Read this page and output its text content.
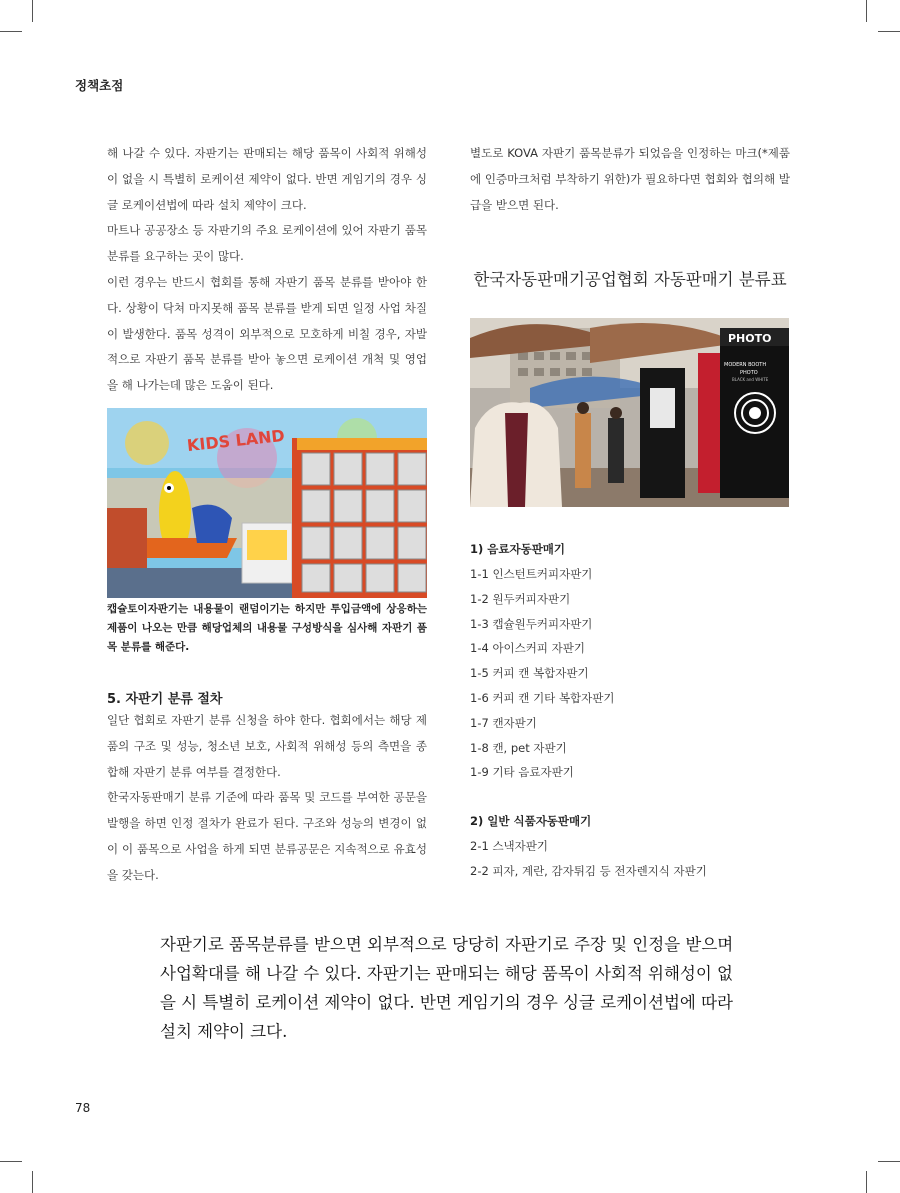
정책초점

해 나갈 수 있다. 자판기는 판매되는 해당 품목이 사회적 위해성이 없을 시 특별히 로케이션 제약이 없다. 반면 게임기의 경우 싱글 로케이션법에 따라 설치 제약이 크다.

마트나 공공장소 등 자판기의 주요 로케이션에 있어 자판기 품목 분류를 요구하는 곳이 많다.

이런 경우는 반드시 협회를 통해 자판기 품목 분류를 받아야 한다. 상황이 닥쳐 마지못해 품목 분류를 받게 되면 일정 사업 차질이 발생한다. 품목 성격이 외부적으로 모호하게 비칠 경우, 자발적으로 자판기 품목 분류를 받아 놓으면 로케이션 개척 및 영업을 해 나가는데 많은 도움이 된다.

KIDS LAND
캡슐토이자판기는 내용물이 랜덤이기는 하지만 투입금액에 상응하는 제품이 나오는 만큼 해당업체의 내용물 구성방식을 심사해 자판기 품목 분류를 해준다.
5. 자판기 분류 절차

일단 협회로 자판기 분류 신청을 하야 한다. 협회에서는 해당 제품의 구조 및 성능, 청소년 보호, 사회적 위해성 등의 측면을 종합해 자판기 분류 여부를 결정한다.

한국자동판매기 분류 기준에 따라 품목 및 코드를 부여한 공문을 발행을 하면 인정 절차가 완료가 된다. 구조와 성능의 변경이 없이 이 품목으로 사업을 하게 되면 분류공문은 지속적으로 유효성을 갖는다.

별도로 KOVA 자판기 품목분류가 되었음을 인정하는 마크(*제품에 인증마크처럼 부착하기 위한)가 필요하다면 협회와 협의해 발급을 받으면 된다.

한국자동판매기공업협회 자동판매기 분류표
PHOTO
MODERN BOOTH
PHOTO
BLACK and WHITE
1) 음료자동판매기
1-1 인스턴트커피자판기
1-2 원두커피자판기
1-3 캡슐원두커피자판기
1-4 아이스커피 자판기
1-5 커피 캔 복합자판기
1-6 커피 캔 기타 복합자판기
1-7 캔자판기
1-8 캔, pet 자판기
1-9 기타 음료자판기
2) 일반 식품자동판매기
2-1 스낵자판기
2-2 피자, 계란, 감자튀김 등 전자렌지식 자판기
자판기로 품목분류를 받으면 외부적으로 당당히 자판기로 주장 및 인정을 받으며 사업확대를 해 나갈 수 있다. 자판기는 판매되는 해당 품목이 사회적 위해성이 없을 시 특별히 로케이션 제약이 없다. 반면 게임기의 경우 싱글 로케이션법에 따라 설치 제약이 크다.
78
